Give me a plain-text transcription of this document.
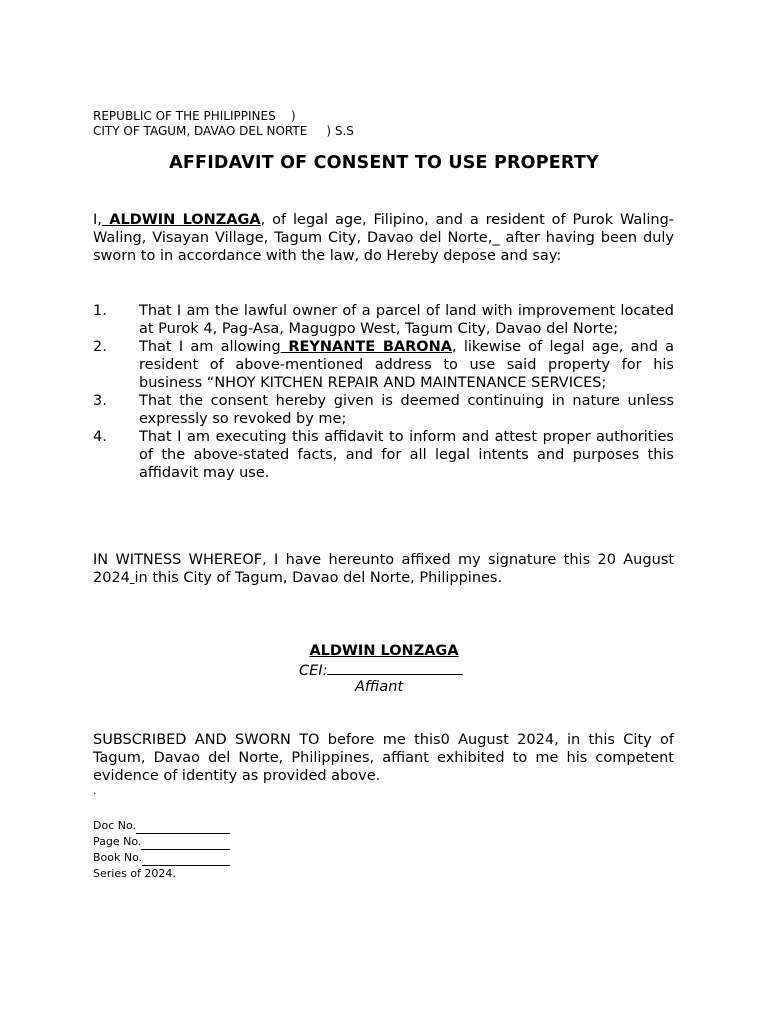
REPUBLIC OF THE PHILIPPINES    )
CITY OF TAGUM, DAVAO DEL NORTE     ) S.S
AFFIDAVIT OF CONSENT TO USE PROPERTY
I, ALDWIN LONZAGA, of legal age, Filipino, and a resident of Purok Waling-Waling, Visayan Village, Tagum City, Davao del Norte,_ after having been duly sworn to in accordance with the law, do Hereby depose and say:
1. That I am the lawful owner of a parcel of land with improvement located at Purok 4, Pag-Asa, Magugpo West, Tagum City, Davao del Norte;
2. That I am allowing REYNANTE BARONA, likewise of legal age, and a resident of above-mentioned address to use said property for his business “NHOY KITCHEN REPAIR AND MAINTENANCE SERVICES;
3. That the consent hereby given is deemed continuing in nature unless expressly so revoked by me;
4. That I am executing this affidavit to inform and attest proper authorities of the above-stated facts, and for all legal intents and purposes this affidavit may use.
IN WITNESS WHEREOF, I have hereunto affixed my signature this 20 August 2024 in this City of Tagum, Davao del Norte, Philippines.
ALDWIN LONZAGA
CEI:
Affiant
SUBSCRIBED AND SWORN TO before me this0 August 2024, in this City of Tagum, Davao del Norte, Philippines, affiant exhibited to me his competent evidence of identity as provided above.
.
Doc No.
Page No.
Book No.
Series of 2024.
